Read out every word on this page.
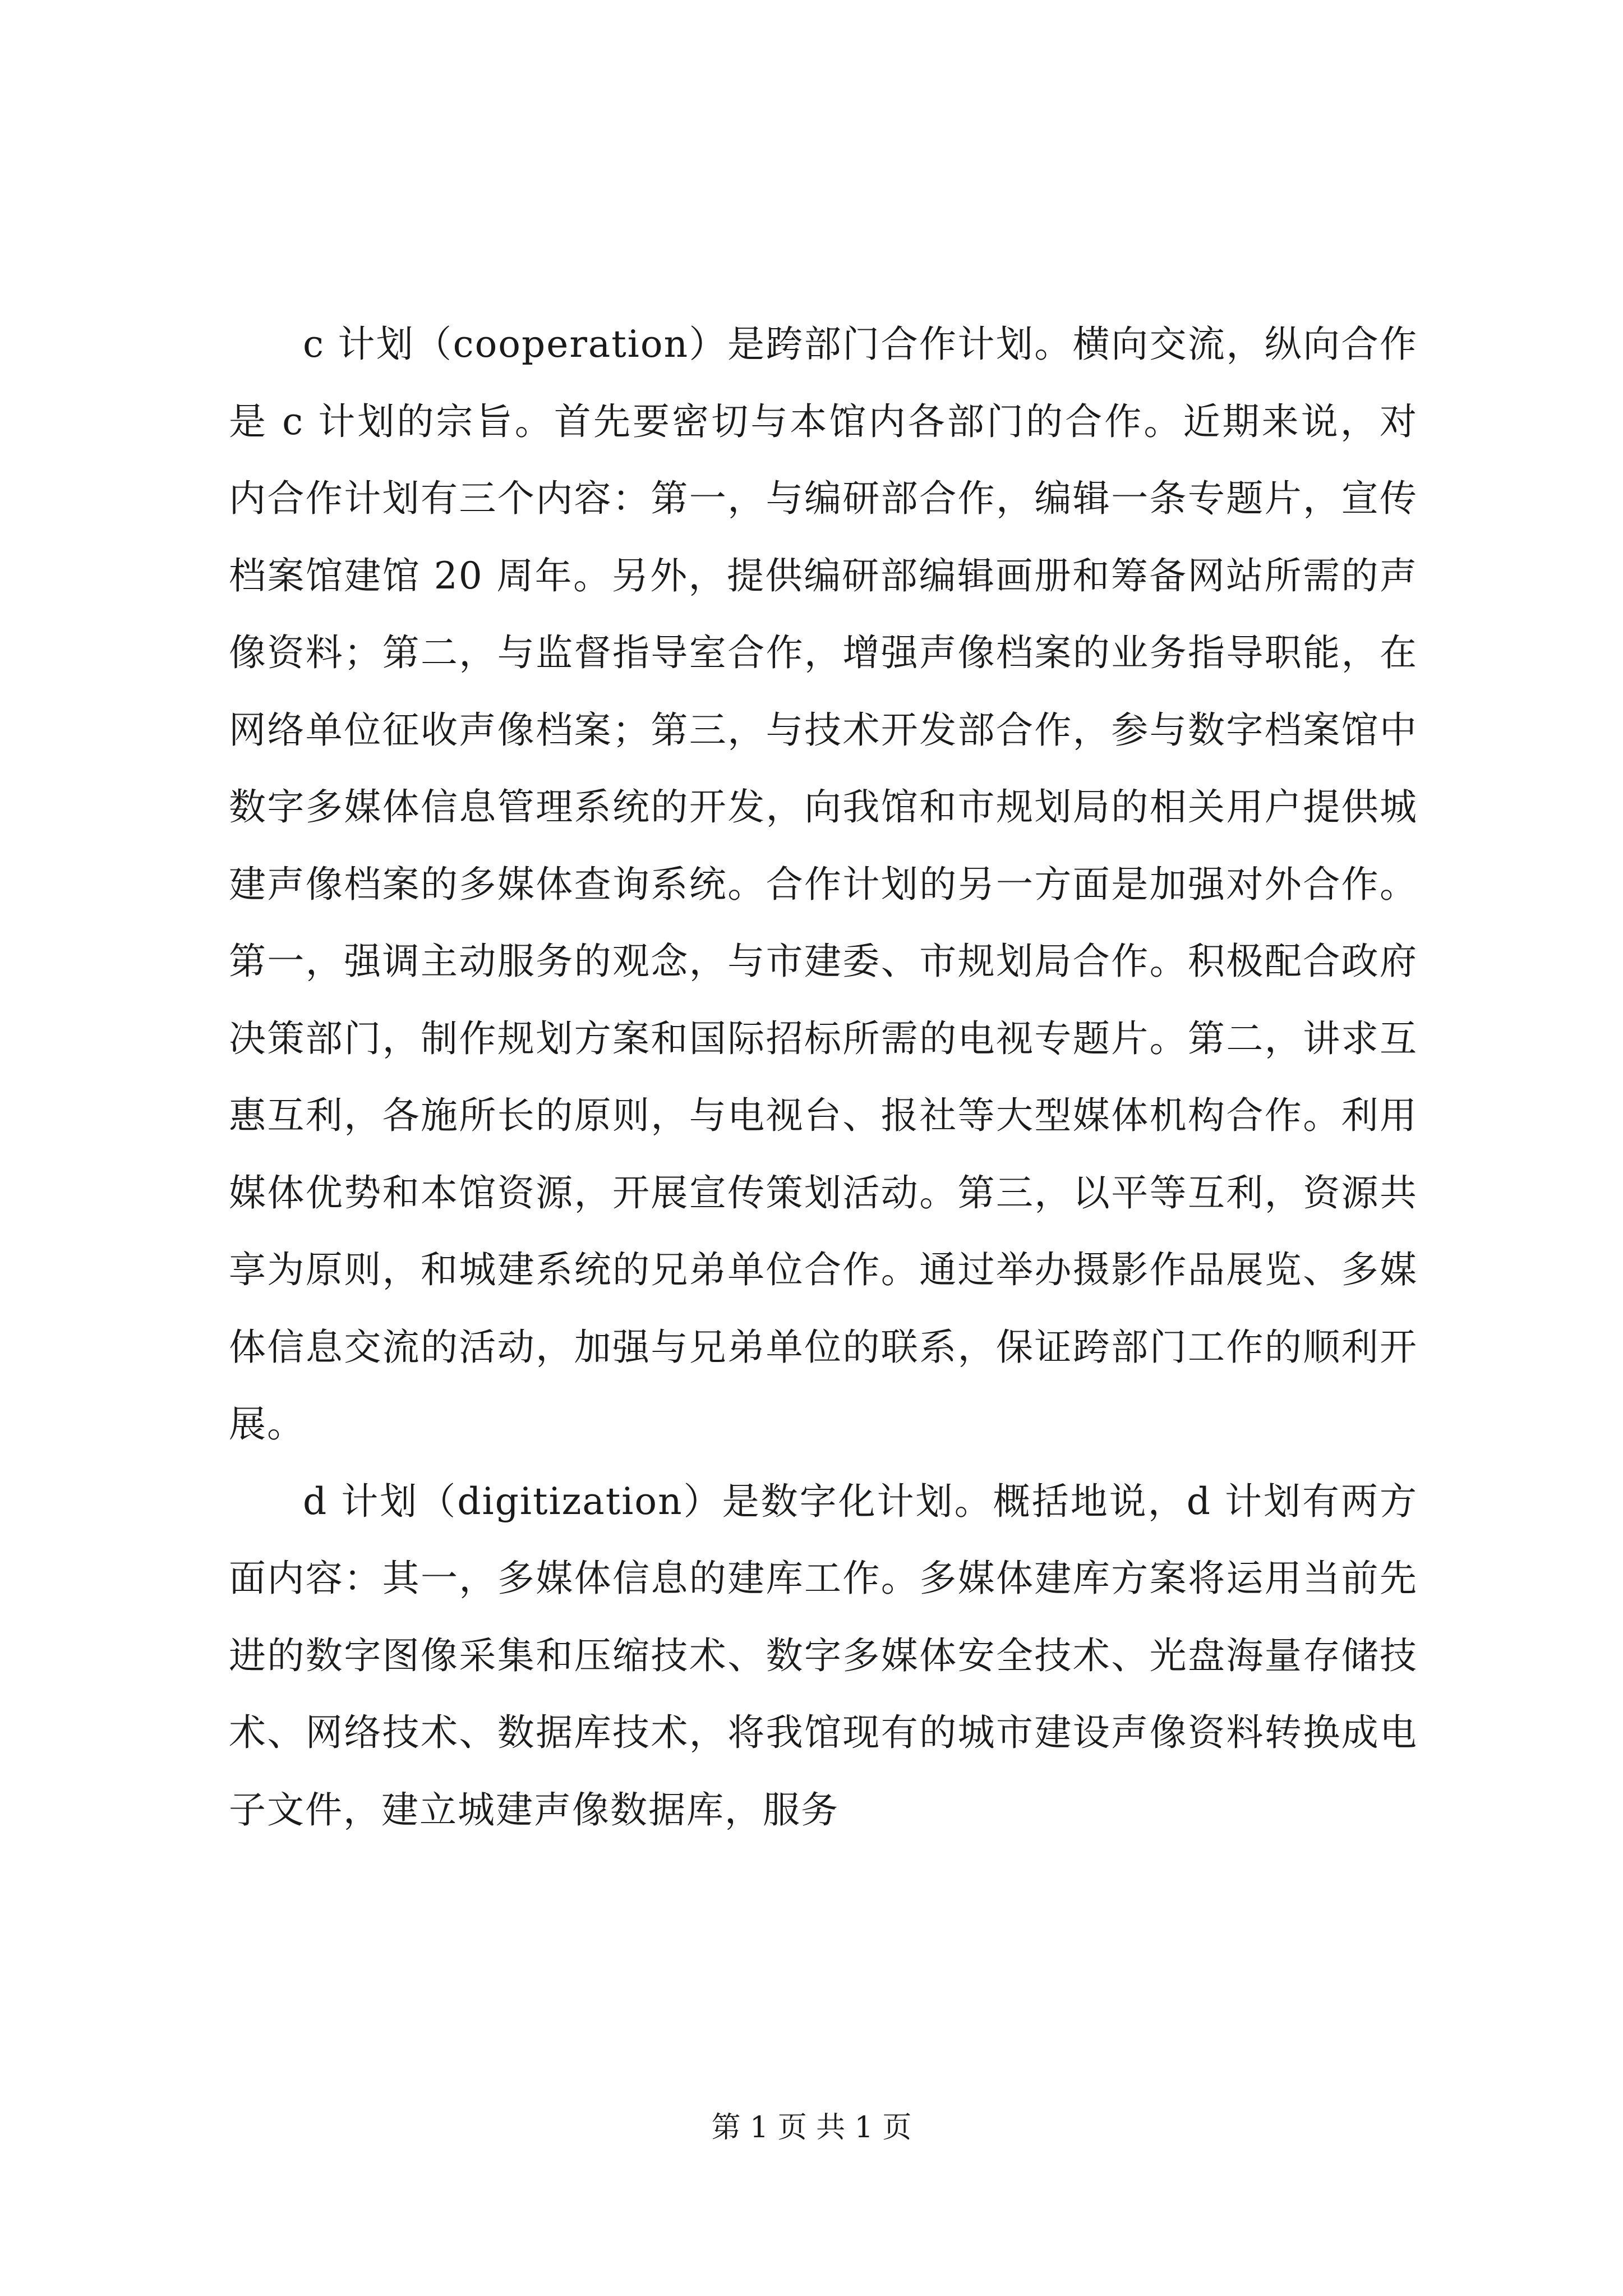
c 计划（cooperation）是跨部门合作计划。横向交流，纵向合作是 c 计划的宗旨。首先要密切与本馆内各部门的合作。近期来说，对内合作计划有三个内容：第一，与编研部合作，编辑一条专题片，宣传档案馆建馆 20 周年。另外，提供编研部编辑画册和筹备网站所需的声像资料；第二，与监督指导室合作，增强声像档案的业务指导职能，在网络单位征收声像档案；第三，与技术开发部合作，参与数字档案馆中数字多媒体信息管理系统的开发，向我馆和市规划局的相关用户提供城建声像档案的多媒体查询系统。合作计划的另一方面是加强对外合作。第一，强调主动服务的观念，与市建委、市规划局合作。积极配合政府决策部门，制作规划方案和国际招标所需的电视专题片。第二，讲求互惠互利，各施所长的原则，与电视台、报社等大型媒体机构合作。利用媒体优势和本馆资源，开展宣传策划活动。第三，以平等互利，资源共享为原则，和城建系统的兄弟单位合作。通过举办摄影作品展览、多媒体信息交流的活动，加强与兄弟单位的联系，保证跨部门工作的顺利开展。

d 计划（digitization）是数字化计划。概括地说，d 计划有两方面内容：其一，多媒体信息的建库工作。多媒体建库方案将运用当前先进的数字图像采集和压缩技术、数字多媒体安全技术、光盘海量存储技术、网络技术、数据库技术，将我馆现有的城市建设声像资料转换成电子文件，建立城建声像数据库，服务

第 1 页 共 1 页
